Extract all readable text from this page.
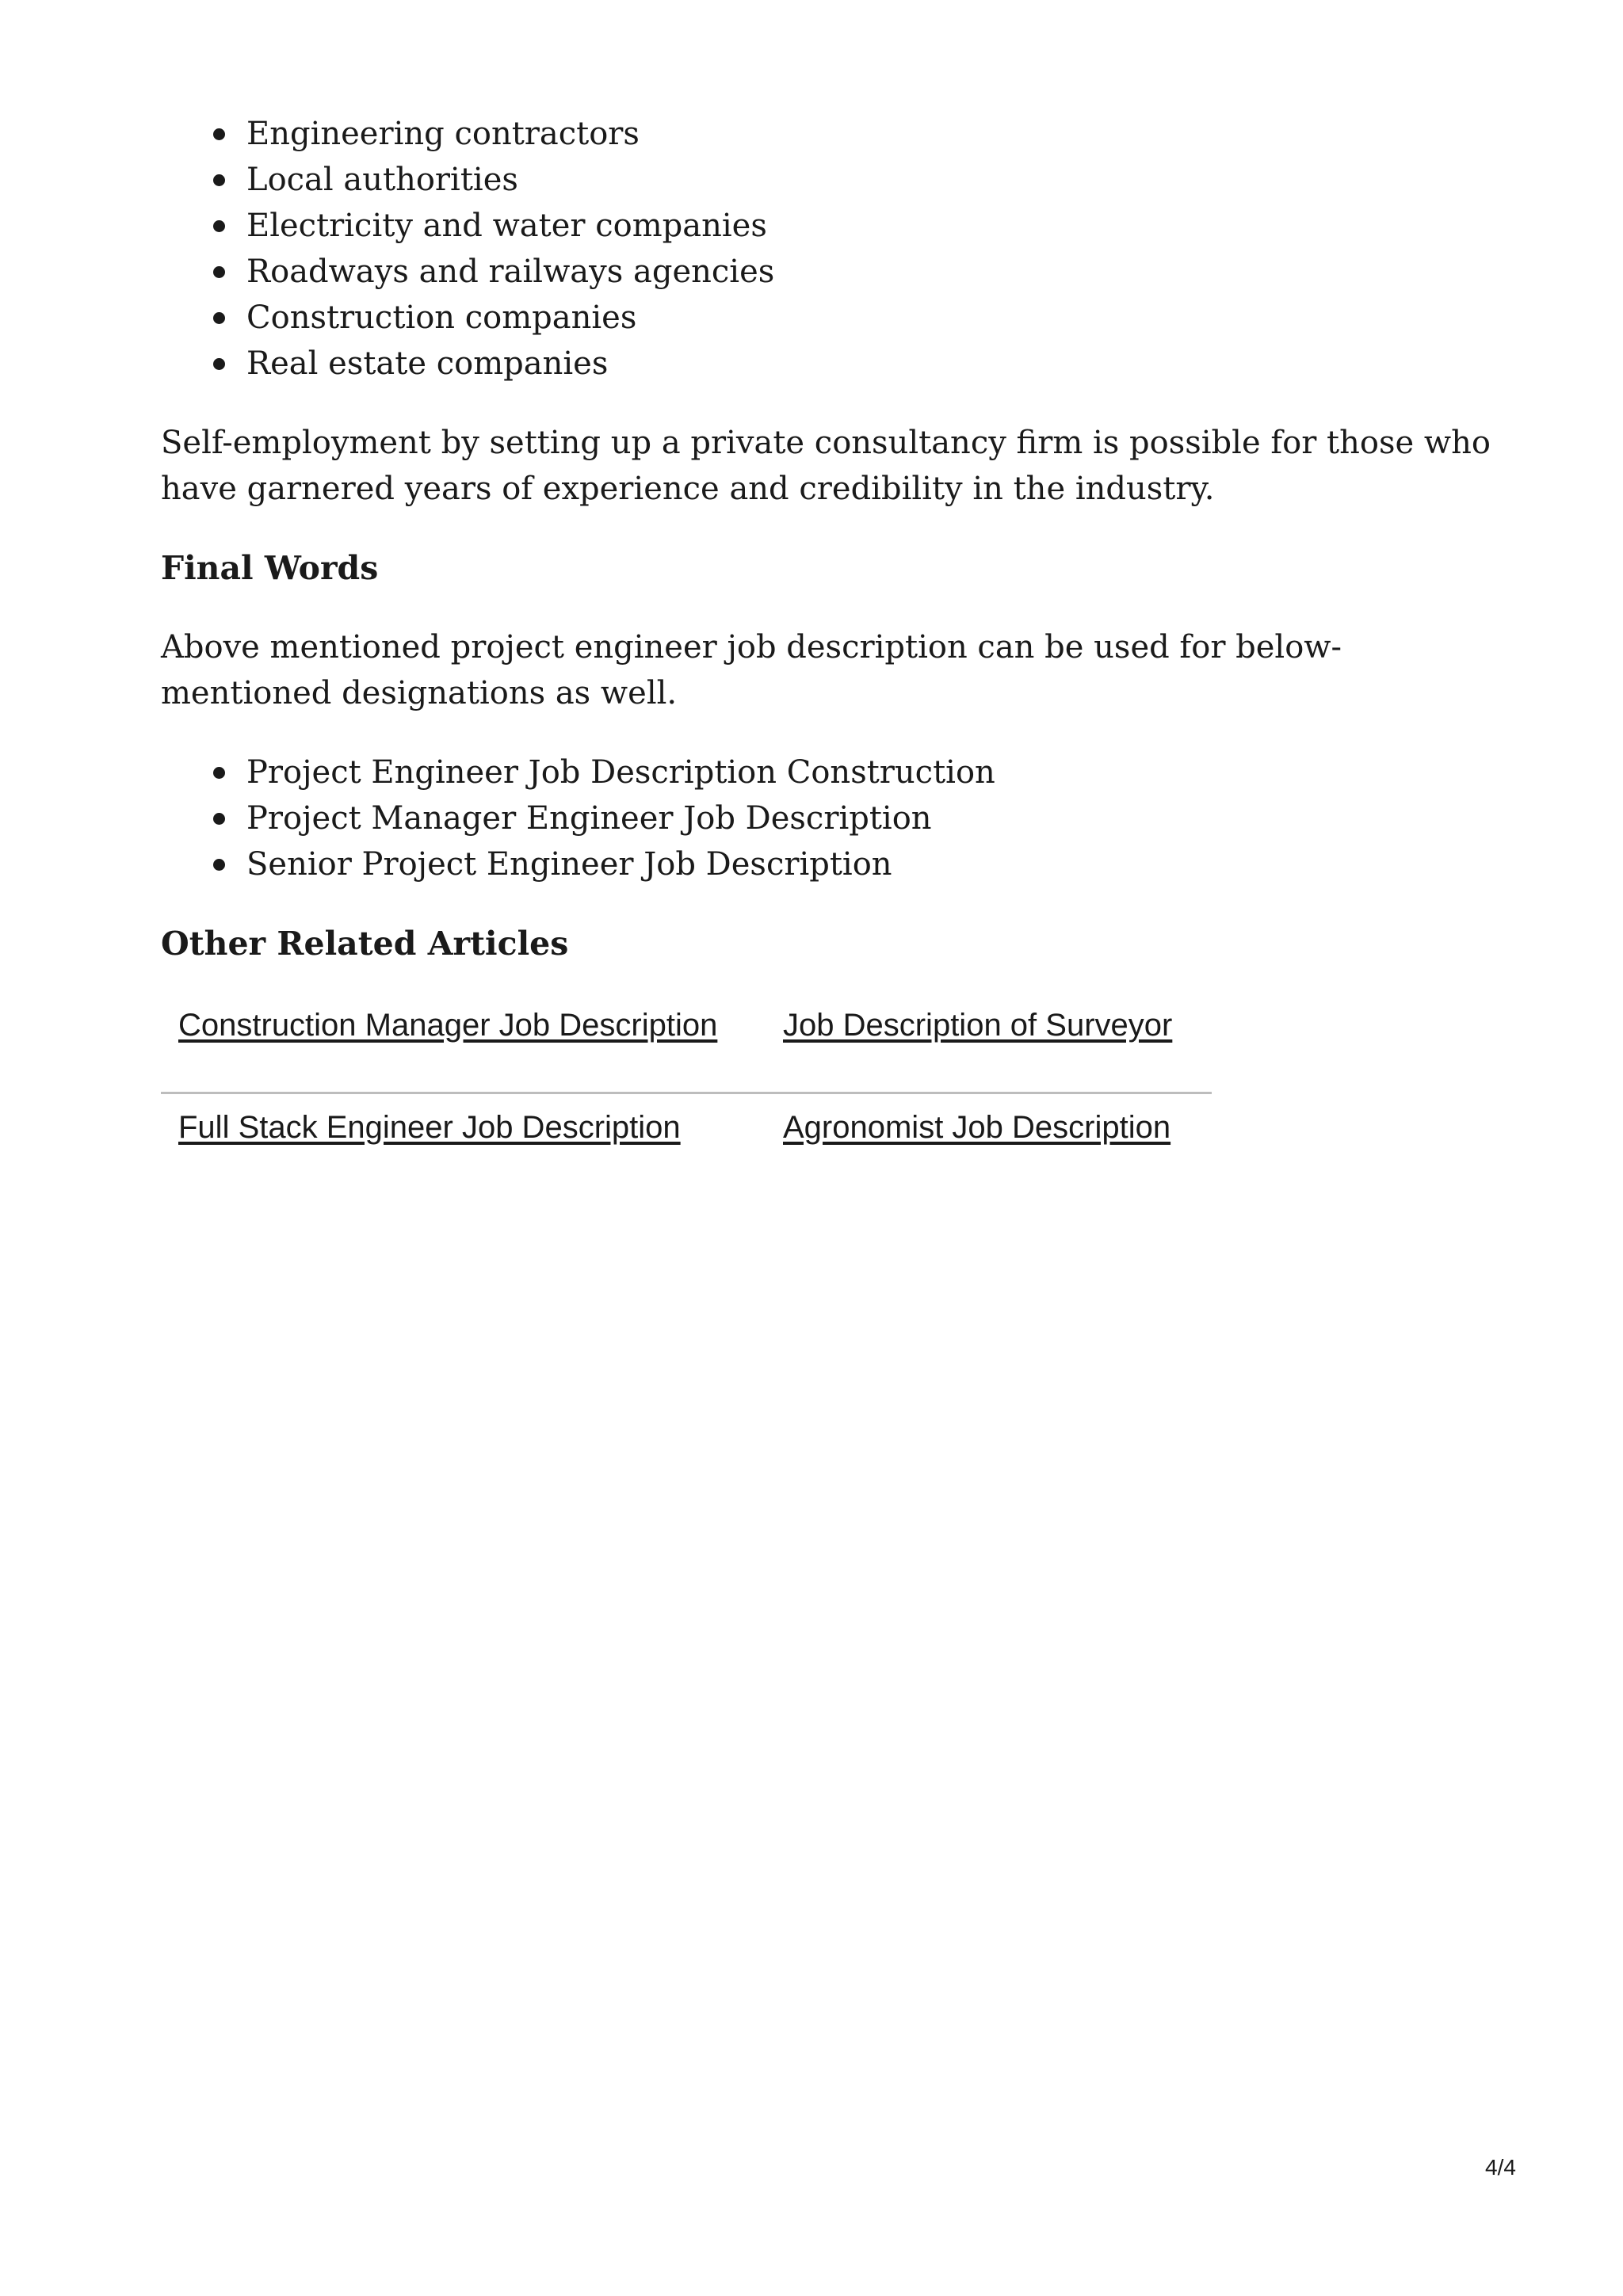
Engineering contractors
Local authorities
Electricity and water companies
Roadways and railways agencies
Construction companies
Real estate companies

Self-employment by setting up a private consultancy firm is possible for those who have garnered years of experience and credibility in the industry.

Final Words

Above mentioned project engineer job description can be used for below-mentioned designations as well.

Project Engineer Job Description Construction
Project Manager Engineer Job Description
Senior Project Engineer Job Description
Other Related Articles
Construction Manager Job Description	Job Description of Surveyor
Full Stack Engineer Job Description	Agronomist Job Description
4/4
